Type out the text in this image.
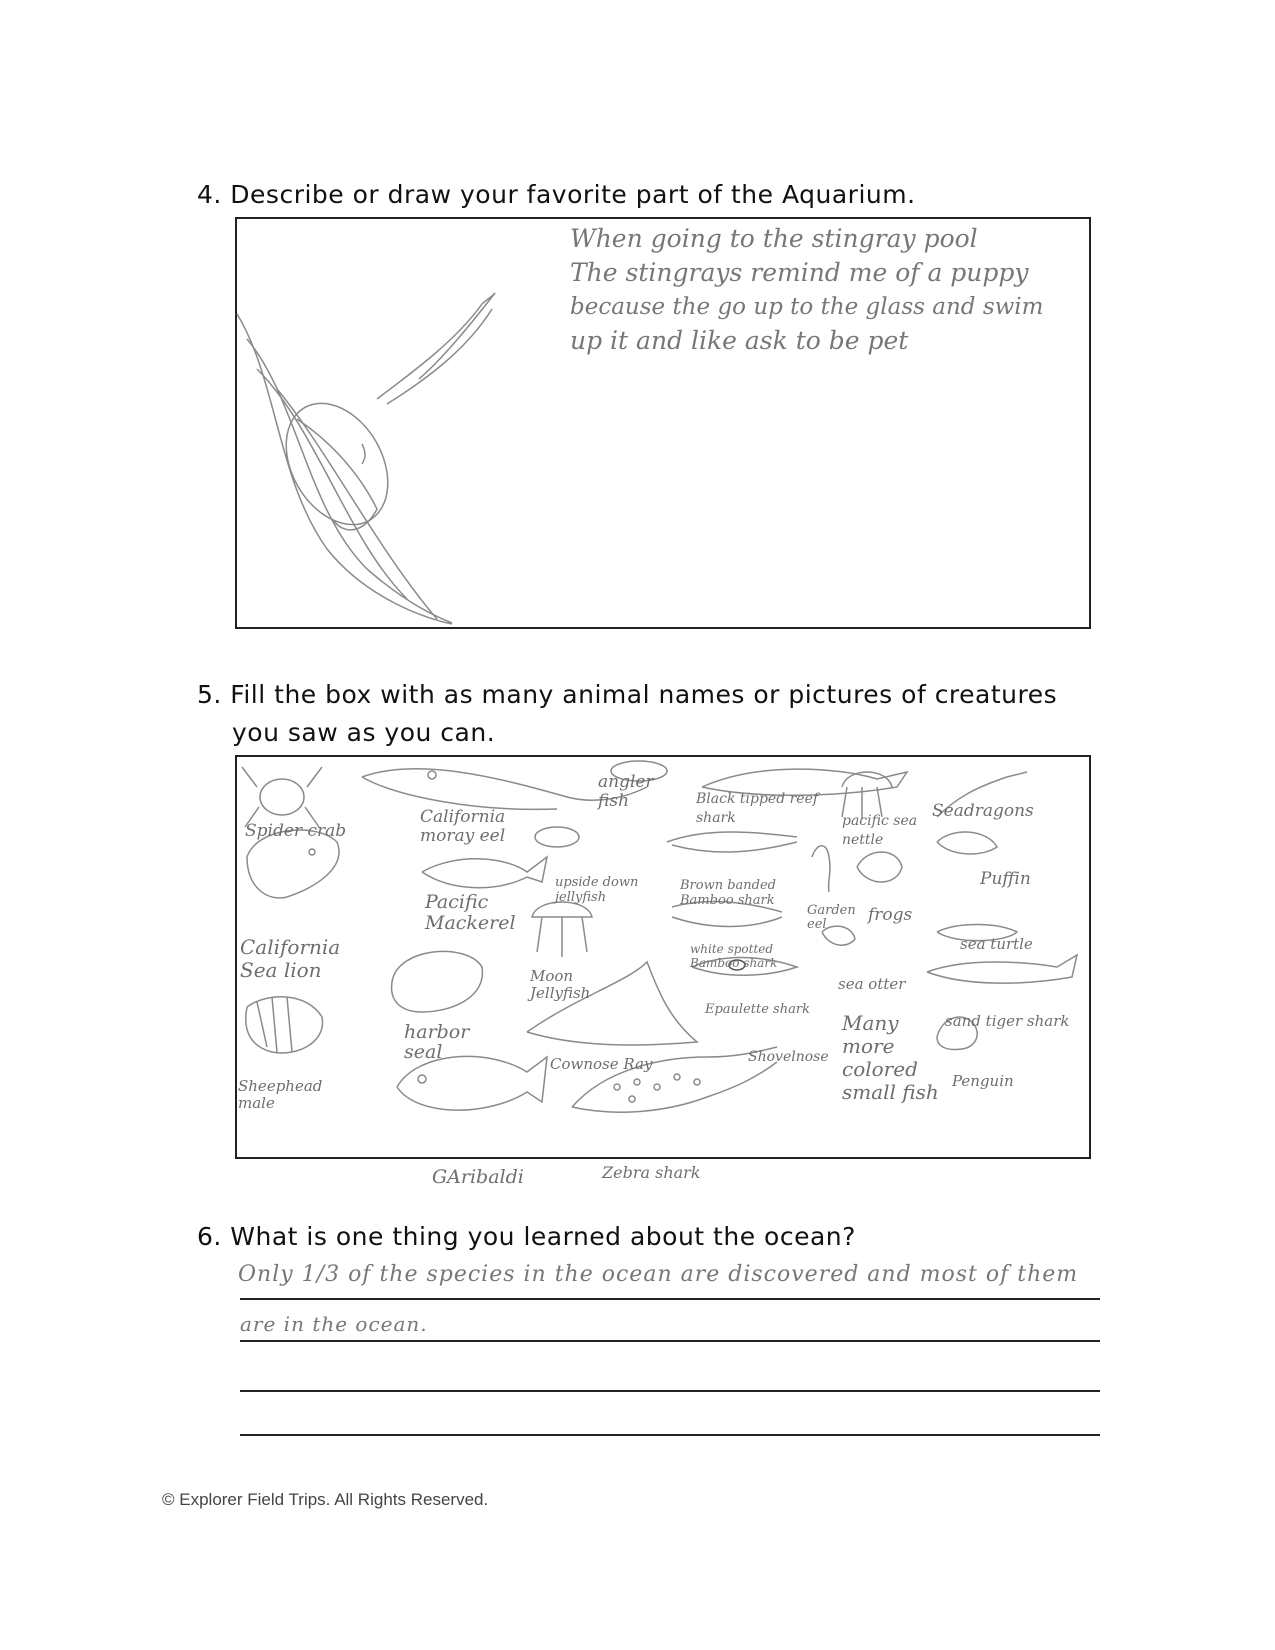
4. Describe or draw your favorite part of the Aquarium.
When going to the stingray pool
The stingrays remind me of a puppy
because the go up to the glass and swim
up it and like ask to be pet
5. Fill the box with as many animal names or pictures of creatures
you saw as you can.
Spider crab
California moray eel
angler fish	Black tipped reef shark	pacific sea nettle
Seadragons
California Sea lion
Pacific Mackerel
upside down jellyfish
Brown banded Bamboo shark
Garden eel	frogs
Puffin
sea turtle
white spotted Bamboo shark
Moon Jellyfish	sea otter
harbor seal
Epaulette shark
Many more colored small fish
sand tiger shark
Shovelnose
Cownose Ray
Sheephead male
Penguin
GAribaldi	Zebra shark
6. What is one thing you learned about the ocean?
Only 1/3 of the species in the ocean are discovered and most of them
are in the ocean.
© Explorer Field Trips. All Rights Reserved.
